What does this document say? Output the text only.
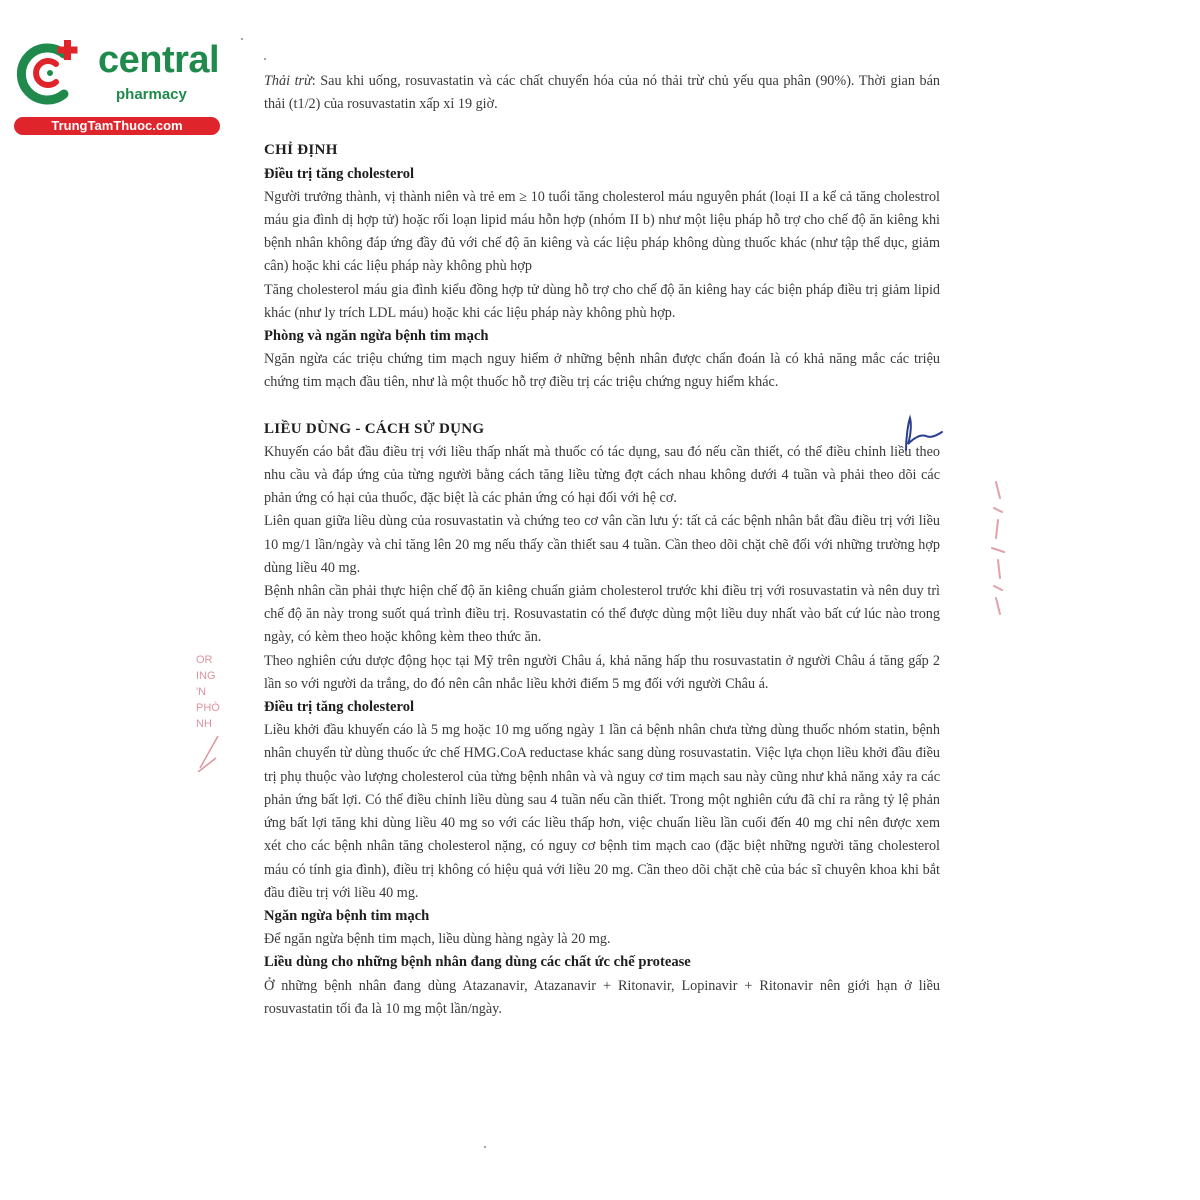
central
pharmacy
TrungTamThuoc.com

Thải trừ: Sau khi uống, rosuvastatin và các chất chuyển hóa của nó thải trừ chủ yếu qua phân (90%). Thời gian bán thải (t1/2) của rosuvastatin xấp xỉ 19 giờ.

CHỈ ĐỊNH
Điều trị tăng cholesterol

Người trưởng thành, vị thành niên và trẻ em ≥ 10 tuổi tăng cholesterol máu nguyên phát (loại II a kể cả tăng cholestrol máu gia đình dị hợp tử) hoặc rối loạn lipid máu hỗn hợp (nhóm II b) như một liệu pháp hỗ trợ cho chế độ ăn kiêng khi bệnh nhân không đáp ứng đầy đủ với chế độ ăn kiêng và các liệu pháp không dùng thuốc khác (như tập thể dục, giảm cân) hoặc khi các liệu pháp này không phù hợp

Tăng cholesterol máu gia đình kiểu đồng hợp tử dùng hỗ trợ cho chế độ ăn kiêng hay các biện pháp điều trị giảm lipid khác (như ly trích LDL máu) hoặc khi các liệu pháp này không phù hợp.

Phòng và ngăn ngừa bệnh tim mạch

Ngăn ngừa các triệu chứng tim mạch nguy hiểm ở những bệnh nhân được chẩn đoán là có khả năng mắc các triệu chứng tim mạch đầu tiên, như là một thuốc hỗ trợ điều trị các triệu chứng nguy hiểm khác.

LIỀU DÙNG - CÁCH SỬ DỤNG

Khuyến cáo bắt đầu điều trị với liều thấp nhất mà thuốc có tác dụng, sau đó nếu cần thiết, có thể điều chỉnh liều theo nhu cầu và đáp ứng của từng người bằng cách tăng liều từng đợt cách nhau không dưới 4 tuần và phải theo dõi các phản ứng có hại của thuốc, đặc biệt là các phản ứng có hại đối với hệ cơ.

Liên quan giữa liều dùng của rosuvastatin và chứng teo cơ vân cần lưu ý: tất cả các bệnh nhân bắt đầu điều trị với liều 10 mg/1 lần/ngày và chỉ tăng lên 20 mg nếu thấy cần thiết sau 4 tuần. Cần theo dõi chặt chẽ đối với những trường hợp dùng liều 40 mg.

Bệnh nhân cần phải thực hiện chế độ ăn kiêng chuẩn giảm cholesterol trước khi điều trị với rosuvastatin và nên duy trì chế độ ăn này trong suốt quá trình điều trị. Rosuvastatin có thể được dùng một liều duy nhất vào bất cứ lúc nào trong ngày, có kèm theo hoặc không kèm theo thức ăn.

Theo nghiên cứu dược động học tại Mỹ trên người Châu á, khả năng hấp thu rosuvastatin ở người Châu á tăng gấp 2 lần so với người da trắng, do đó nên cân nhắc liều khởi điểm 5 mg đối với người Châu á.

Điều trị tăng cholesterol

Liều khởi đầu khuyến cáo là 5 mg hoặc 10 mg uống ngày 1 lần cả bệnh nhân chưa từng dùng thuốc nhóm statin, bệnh nhân chuyển từ dùng thuốc ức chế HMG.CoA reductase khác sang dùng rosuvastatin. Việc lựa chọn liều khởi đầu điều trị phụ thuộc vào lượng cholesterol của từng bệnh nhân và và nguy cơ tim mạch sau này cũng như khả năng xảy ra các phản ứng bất lợi. Có thể điều chỉnh liều dùng sau 4 tuần nếu cần thiết. Trong một nghiên cứu đã chỉ ra rằng tỷ lệ phản ứng bất lợi tăng khi dùng liều 40 mg so với các liều thấp hơn, việc chuẩn liều lần cuối đến 40 mg chỉ nên được xem xét cho các bệnh nhân tăng cholesterol nặng, có nguy cơ bệnh tim mạch cao (đặc biệt những người tăng cholesterol máu có tính gia đình), điều trị không có hiệu quả với liều 20 mg. Cần theo dõi chặt chẽ của bác sĩ chuyên khoa khi bắt đầu điều trị với liều 40 mg.

Ngăn ngừa bệnh tim mạch

Để ngăn ngừa bệnh tim mạch, liều dùng hàng ngày là 20 mg.

Liều dùng cho những bệnh nhân đang dùng các chất ức chế protease

Ở những bệnh nhân đang dùng Atazanavir, Atazanavir + Ritonavir, Lopinavir + Ritonavir nên giới hạn ở liều rosuvastatin tối đa là 10 mg một lần/ngày.

OR
ING
'N
PHÒ
NH
